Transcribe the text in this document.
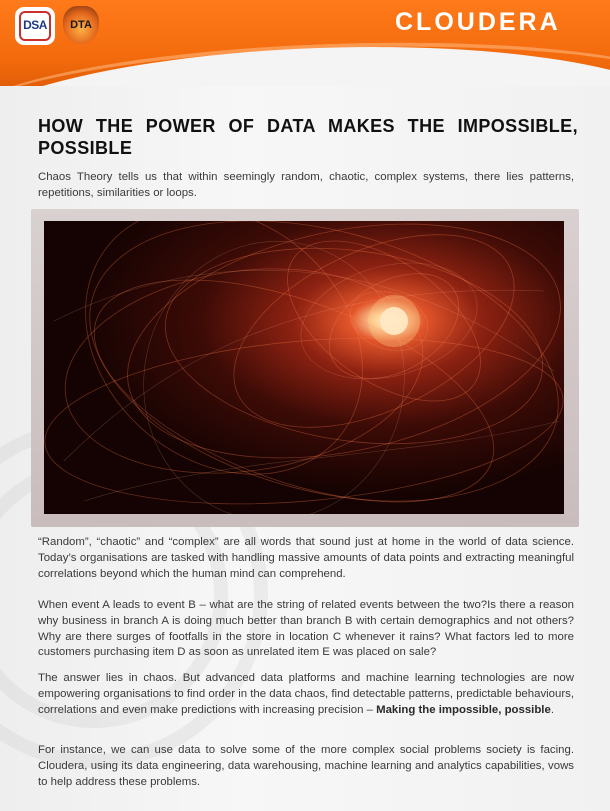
DSA	DTA	CLOUDERA
HOW THE POWER OF DATA MAKES THE IMPOSSIBLE, POSSIBLE

Chaos Theory tells us that within seemingly random, chaotic, complex systems, there lies patterns, repetitions, similarities or loops.

“Random”, “chaotic” and “complex” are all words that sound just at home in the world of data science. Today’s organisations are tasked with handling massive amounts of data points and extracting meaningful correlations beyond which the human mind can comprehend.

When event A leads to event B – what are the string of related events between the two?Is there a reason why business in branch A is doing much better than branch B with certain demographics and not others? Why are there surges of footfalls in the store in location C whenever it rains? What factors led to more customers purchasing item D as soon as unrelated item E was placed on sale?

The answer lies in chaos. But advanced data platforms and machine learning technologies are now empowering organisations to find order in the data chaos, find detectable patterns, predictable behaviours, correlations and even make predictions with increasing precision – Making the impossible, possible.

For instance, we can use data to solve some of the more complex social problems society is facing. Cloudera, using its data engineering, data warehousing, machine learning and analytics capabilities, vows to help address these problems.
